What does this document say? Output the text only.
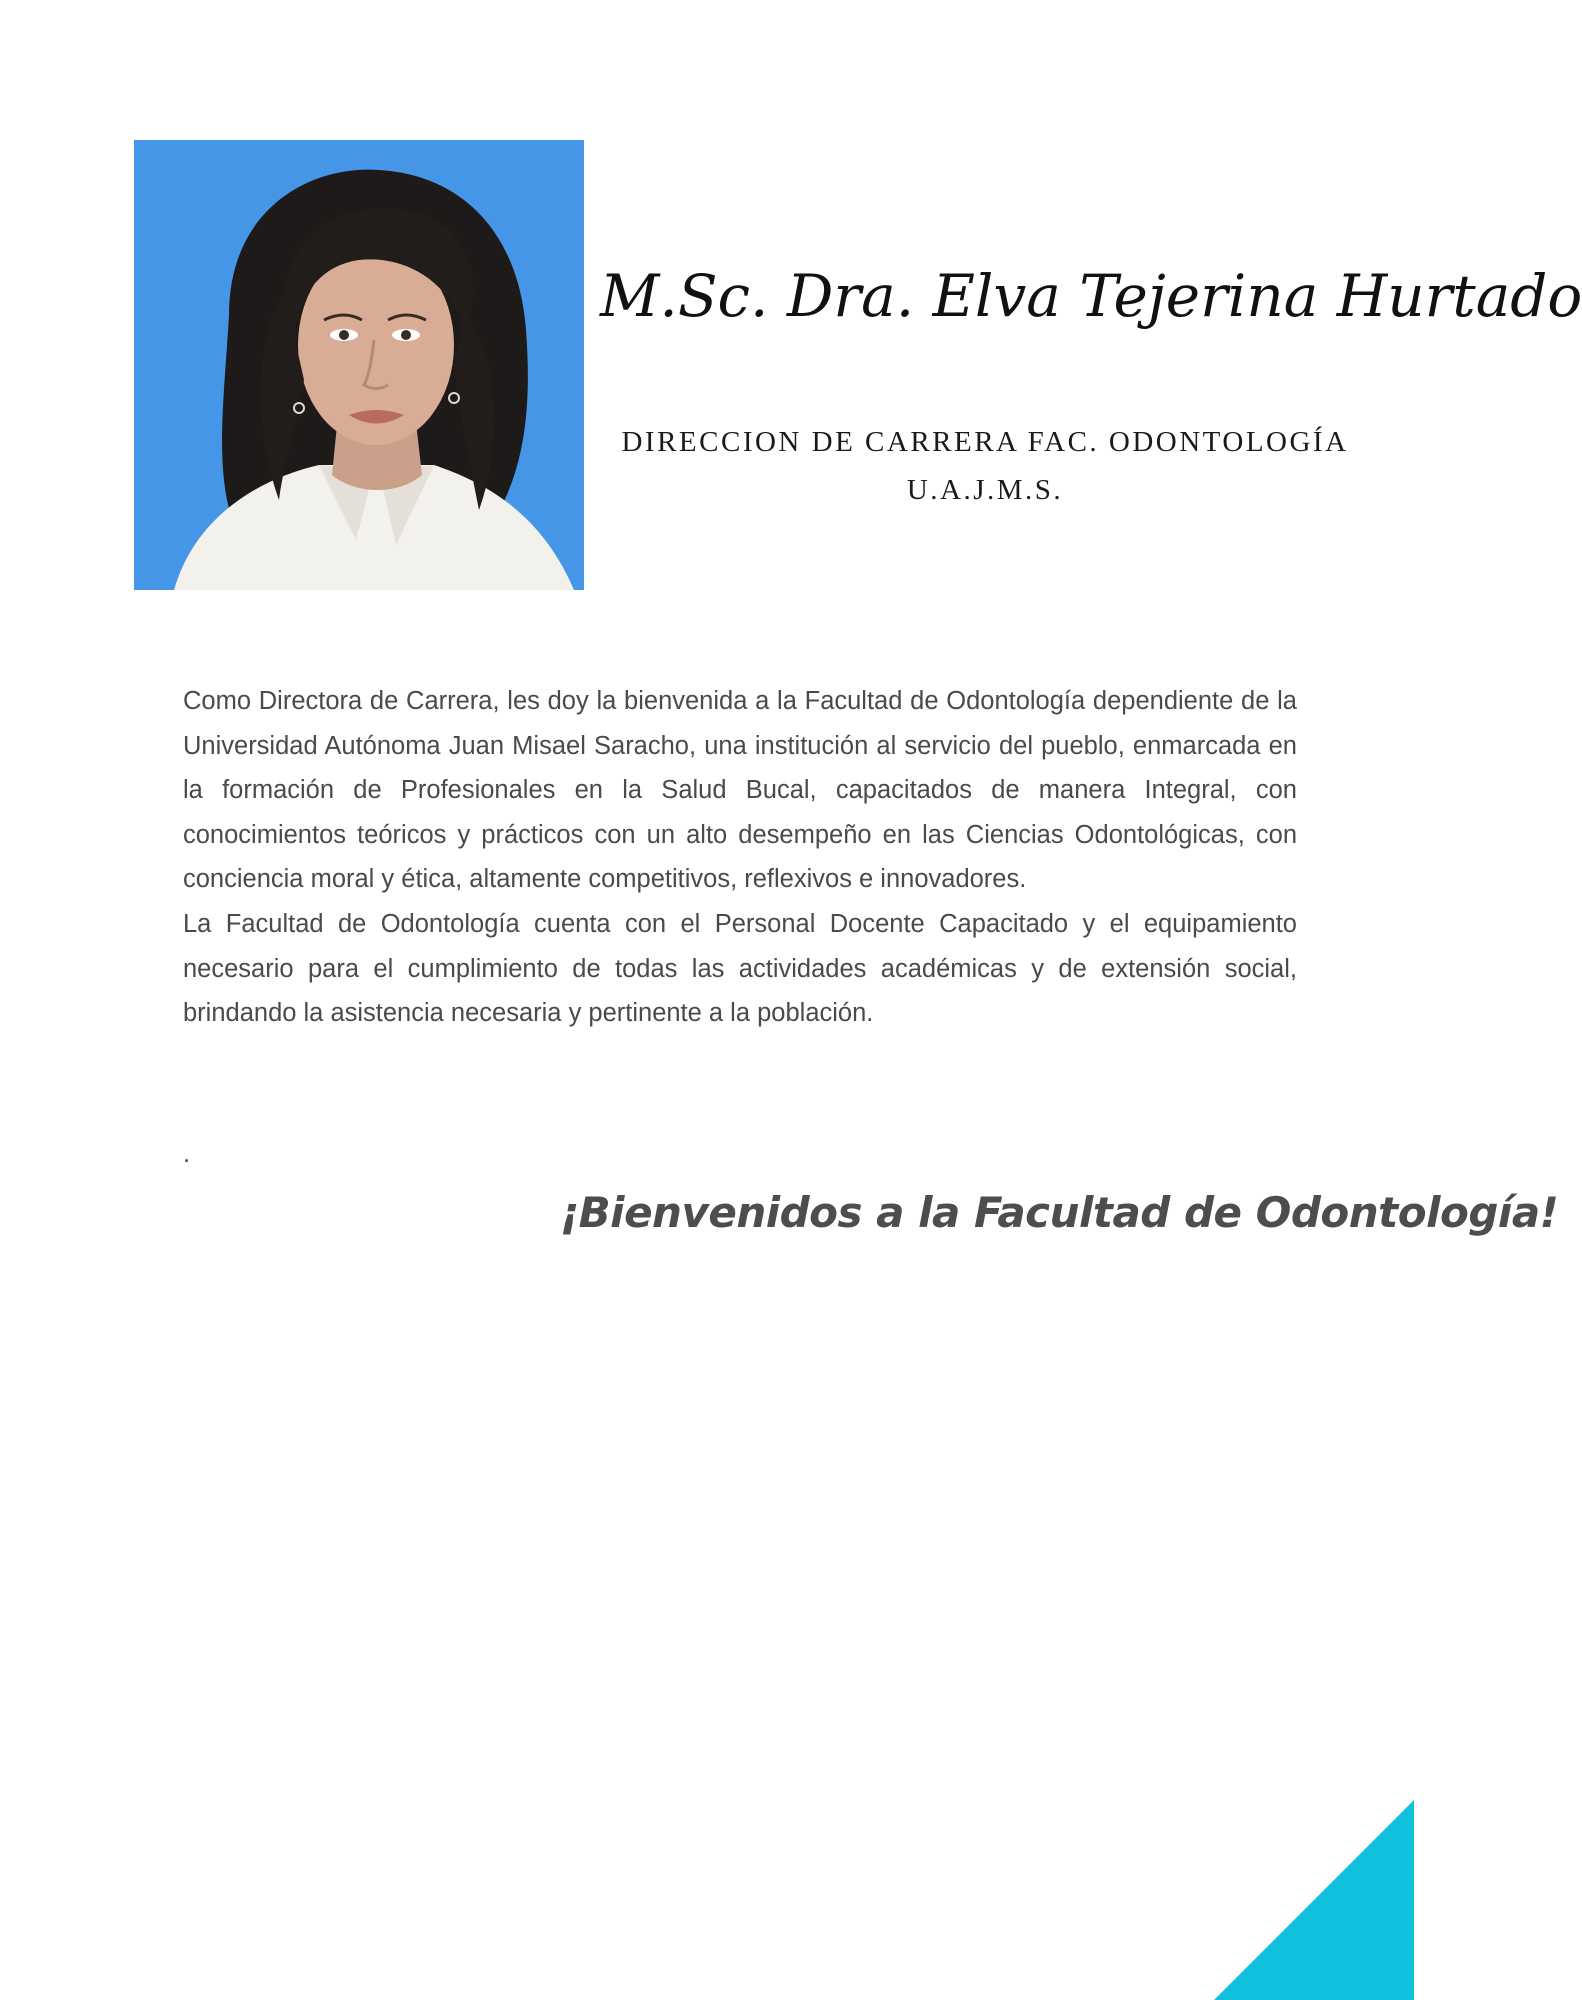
M.Sc. Dra. Elva Tejerina Hurtado
DIRECCION DE CARRERA FAC. ODONTOLOGÍA
U.A.J.M.S.

Como Directora de Carrera, les doy la bienvenida a la Facultad de Odontología dependiente de la Universidad Autónoma Juan Misael Saracho, una institución al servicio del pueblo, enmarcada en la formación de Profesionales en la Salud Bucal, capacitados de manera Integral, con conocimientos teóricos y prácticos con un alto desempeño en las Ciencias Odontológicas, con conciencia moral y ética, altamente competitivos, reflexivos e innovadores.

La Facultad de Odontología cuenta con el Personal Docente Capacitado y el equipamiento necesario para el cumplimiento de todas las actividades académicas y de extensión social, brindando la asistencia necesaria y pertinente a la población.

.
¡Bienvenidos a la Facultad de Odontología!
